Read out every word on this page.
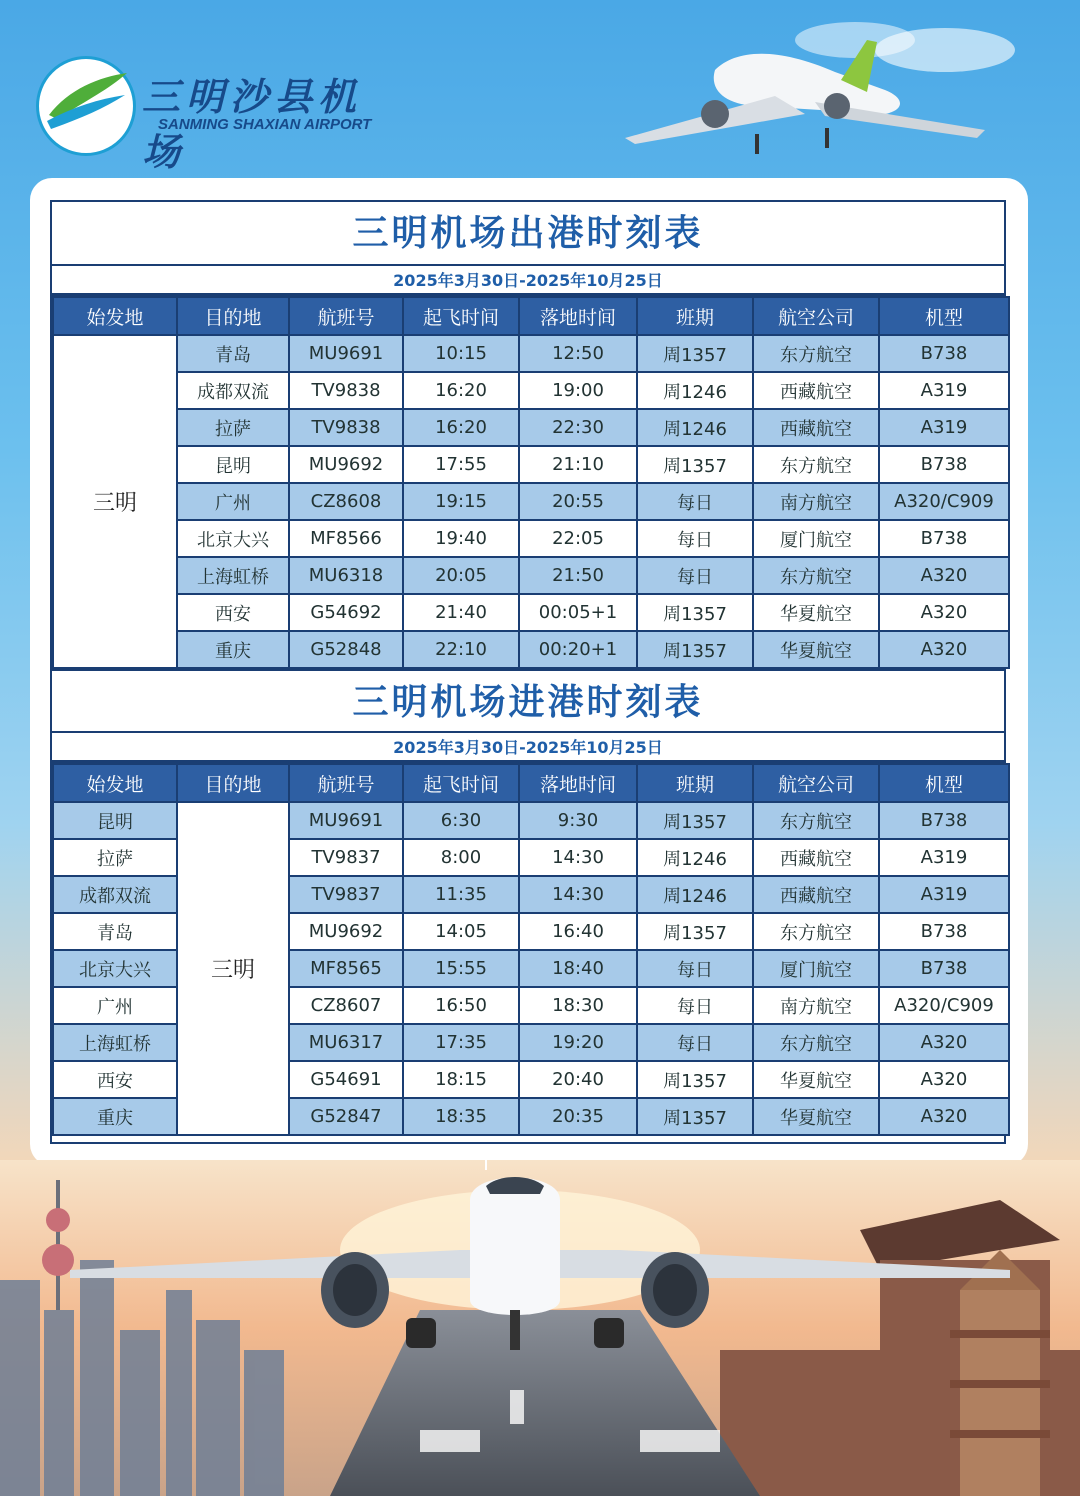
三明沙县机场
SANMING SHAXIAN AIRPORT
三明机场出港时刻表
2025年3月30日-2025年10月25日
始发地	目的地	航班号	起飞时间	落地时间	班期	航空公司	机型
三明	青岛	MU9691	10:15	12:50	周1357	东方航空	B738
	成都双流	TV9838	16:20	19:00	周1246	西藏航空	A319
	拉萨	TV9838	16:20	22:30	周1246	西藏航空	A319
	昆明	MU9692	17:55	21:10	周1357	东方航空	B738
	广州	CZ8608	19:15	20:55	每日	南方航空	A320/C909
	北京大兴	MF8566	19:40	22:05	每日	厦门航空	B738
	上海虹桥	MU6318	20:05	21:50	每日	东方航空	A320
	西安	G54692	21:40	00:05+1	周1357	华夏航空	A320
	重庆	G52848	22:10	00:20+1	周1357	华夏航空	A320
三明机场进港时刻表
2025年3月30日-2025年10月25日
始发地	目的地	航班号	起飞时间	落地时间	班期	航空公司	机型
昆明	三明	MU9691	6:30	9:30	周1357	东方航空	B738
拉萨		TV9837	8:00	14:30	周1246	西藏航空	A319
成都双流		TV9837	11:35	14:30	周1246	西藏航空	A319
青岛		MU9692	14:05	16:40	周1357	东方航空	B738
北京大兴		MF8565	15:55	18:40	每日	厦门航空	B738
广州		CZ8607	16:50	18:30	每日	南方航空	A320/C909
上海虹桥		MU6317	17:35	19:20	每日	东方航空	A320
西安		G54691	18:15	20:40	周1357	华夏航空	A320
重庆		G52847	18:35	20:35	周1357	华夏航空	A320
